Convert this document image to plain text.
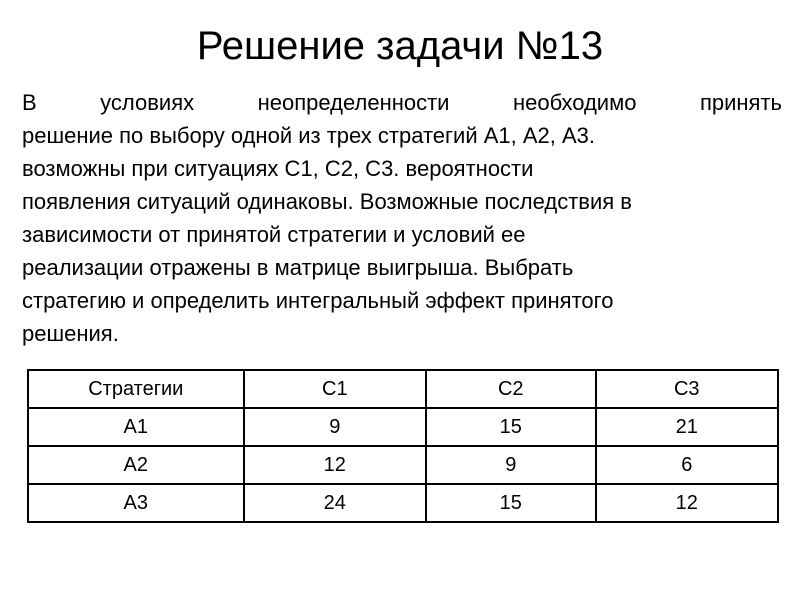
Решение задачи №13

В условиях неопределенности необходимо принять
решение по выбору одной из трех стратегий А1, А2, А3.
возможны при ситуациях С1, С2, С3. вероятности
появления ситуаций одинаковы. Возможные последствия в
зависимости от принятой стратегии и условий ее
реализации отражены в матрице выигрыша. Выбрать
стратегию и определить интегральный эффект принятого
решения.

Стратегии	С1	С2	С3
А1	9	15	21
А2	12	9	6
А3	24	15	12
